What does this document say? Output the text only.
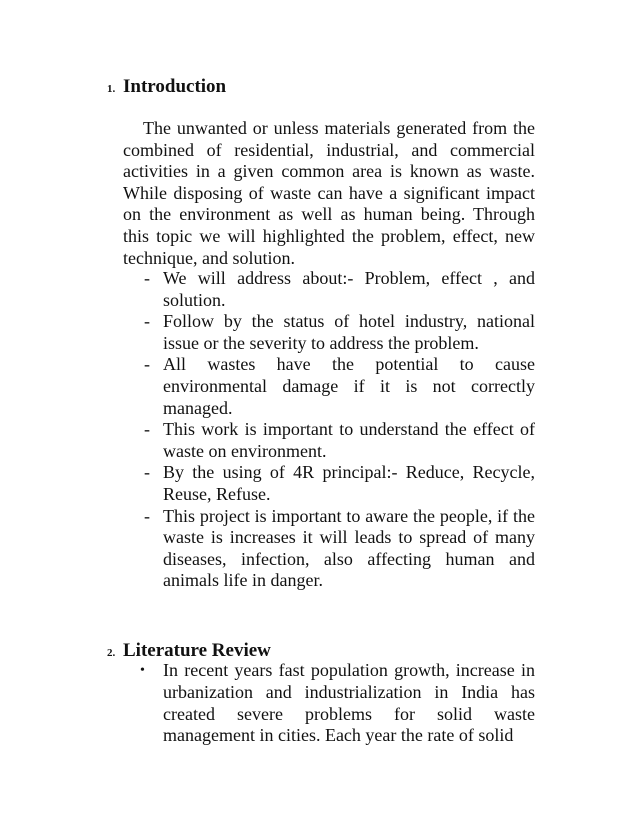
1. Introduction

The unwanted or unless materials generated from the combined of residential, industrial, and commercial activities in a given common area is known as waste. While disposing of waste can have a significant impact on the environment as well as human being. Through this topic we will highlighted the problem, effect, new technique, and solution.

- We will address about:- Problem, effect , and solution.
- Follow by the status of hotel industry, national issue or the severity to address the problem.
- All wastes have the potential to cause environmental damage if it is not correctly managed.
- This work is important to understand the effect of waste on environment.
- By the using of 4R principal:- Reduce, Recycle, Reuse, Refuse.
- This project is important to aware the people, if the waste is increases it will leads to spread of many diseases, infection, also affecting human and animals life in danger.
2. Literature Review
• In recent years fast population growth, increase in urbanization and industrialization in India has created severe problems for solid waste management in cities. Each year the rate of solid
